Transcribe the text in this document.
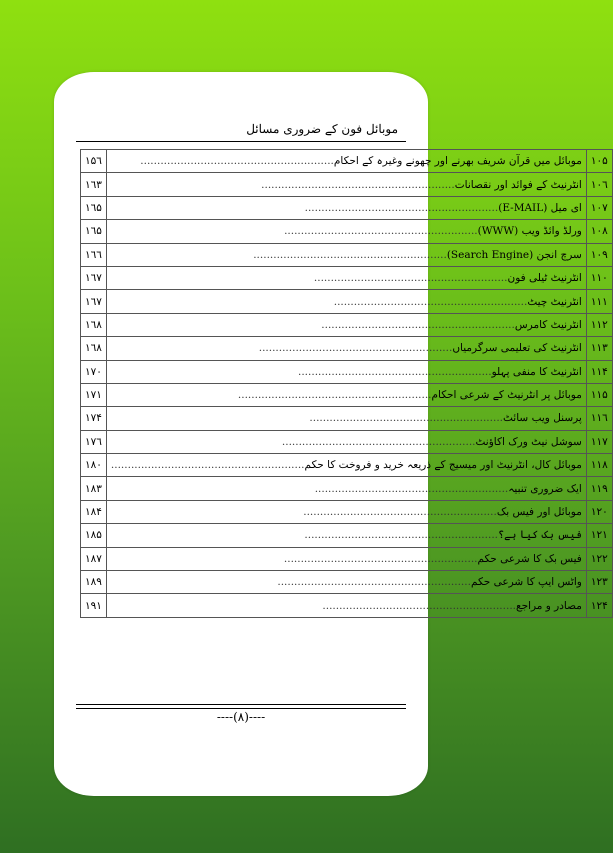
موبائل فون کے ضروری مسائل
١٠۵	موبائل میں قرآن شریف بھرنے اور چھونے وغیرہ کے احکام..........................................................	١۵٦
١٠٦	انٹرنیٹ کے فوائد اور نقصانات..........................................................	١٦٣
١٠٧	ای میل (E-MAIL)..........................................................	١٦۵
١٠٨	ورلڈ وائڈ ویب (WWW)..........................................................	١٦۵
١٠٩	سرچ انجن (Search Engine)..........................................................	١٦٦
١١٠	انٹرنیٹ ٹیلی فون..........................................................	١٦٧
١١١	انٹرنیٹ چیٹ..........................................................	١٦٧
١١٢	انٹرنیٹ کامرس..........................................................	١٦٨
١١٣	انٹرنیٹ کی تعلیمی سرگرمیاں..........................................................	١٦٨
١١۴	انٹرنیٹ کا منفی پہلو..........................................................	١٧٠
١١۵	موبائل پر انٹرنیٹ کے شرعی احکام..........................................................	١٧١
١١٦	پرسنل ویب سائٹ..........................................................	١٧۴
١١٧	سوشل نیٹ ورک اکاؤنٹ..........................................................	١٧٦
١١٨	موبائل کال، انٹرنیٹ اور میسیج کے ذریعہ خرید و فروخت کا حکم..........................................................	١٨٠
١١٩	ایک ضروری تنبیہ..........................................................	١٨٣
١٢٠	موبائل اور فیس بک..........................................................	١٨۴
١٢١	فیس بک کیا ہے؟..........................................................	١٨۵
١٢٢	فیس بک کا شرعی حکم..........................................................	١٨٧
١٢٣	واٹس ایپ کا شرعی حکم..........................................................	١٨٩
١٢۴	مصادر و مراجع..........................................................	١٩١
----(٨)----
